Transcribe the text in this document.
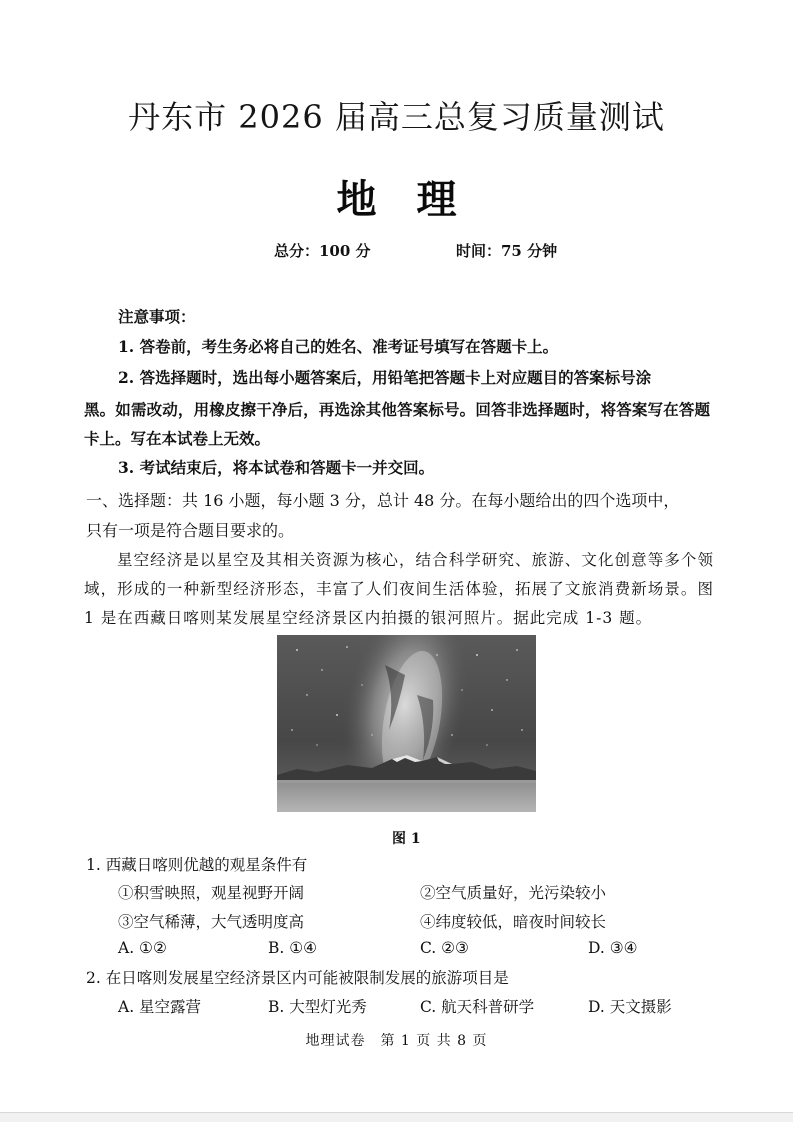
丹东市 2026 届高三总复习质量测试
地理
总分：100 分	时间：75 分钟
注意事项：
1. 答卷前，考生务必将自己的姓名、准考证号填写在答题卡上。
2. 答选择题时，选出每小题答案后，用铅笔把答题卡上对应题目的答案标号涂
黑。如需改动，用橡皮擦干净后，再选涂其他答案标号。回答非选择题时，将答案写在答题卡上。写在本试卷上无效。
3. 考试结束后，将本试卷和答题卡一并交回。
一、选择题：共 16 小题，每小题 3 分，总计 48 分。在每小题给出的四个选项中，
只有一项是符合题目要求的。
星空经济是以星空及其相关资源为核心，结合科学研究、旅游、文化创意等多个领域，形成的一种新型经济形态，丰富了人们夜间生活体验，拓展了文旅消费新场景。图 1 是在西藏日喀则某发展星空经济景区内拍摄的银河照片。据此完成 1-3 题。
图 1
1. 西藏日喀则优越的观星条件有
①积雪映照，观星视野开阔	②空气质量好，光污染较小
③空气稀薄，大气透明度高	④纬度较低，暗夜时间较长
A. ①②	B. ①④	C. ②③	D. ③④
2. 在日喀则发展星空经济景区内可能被限制发展的旅游项目是
A. 星空露营	B. 大型灯光秀	C. 航天科普研学	D. 天文摄影
地理试卷　第 1 页 共 8 页
